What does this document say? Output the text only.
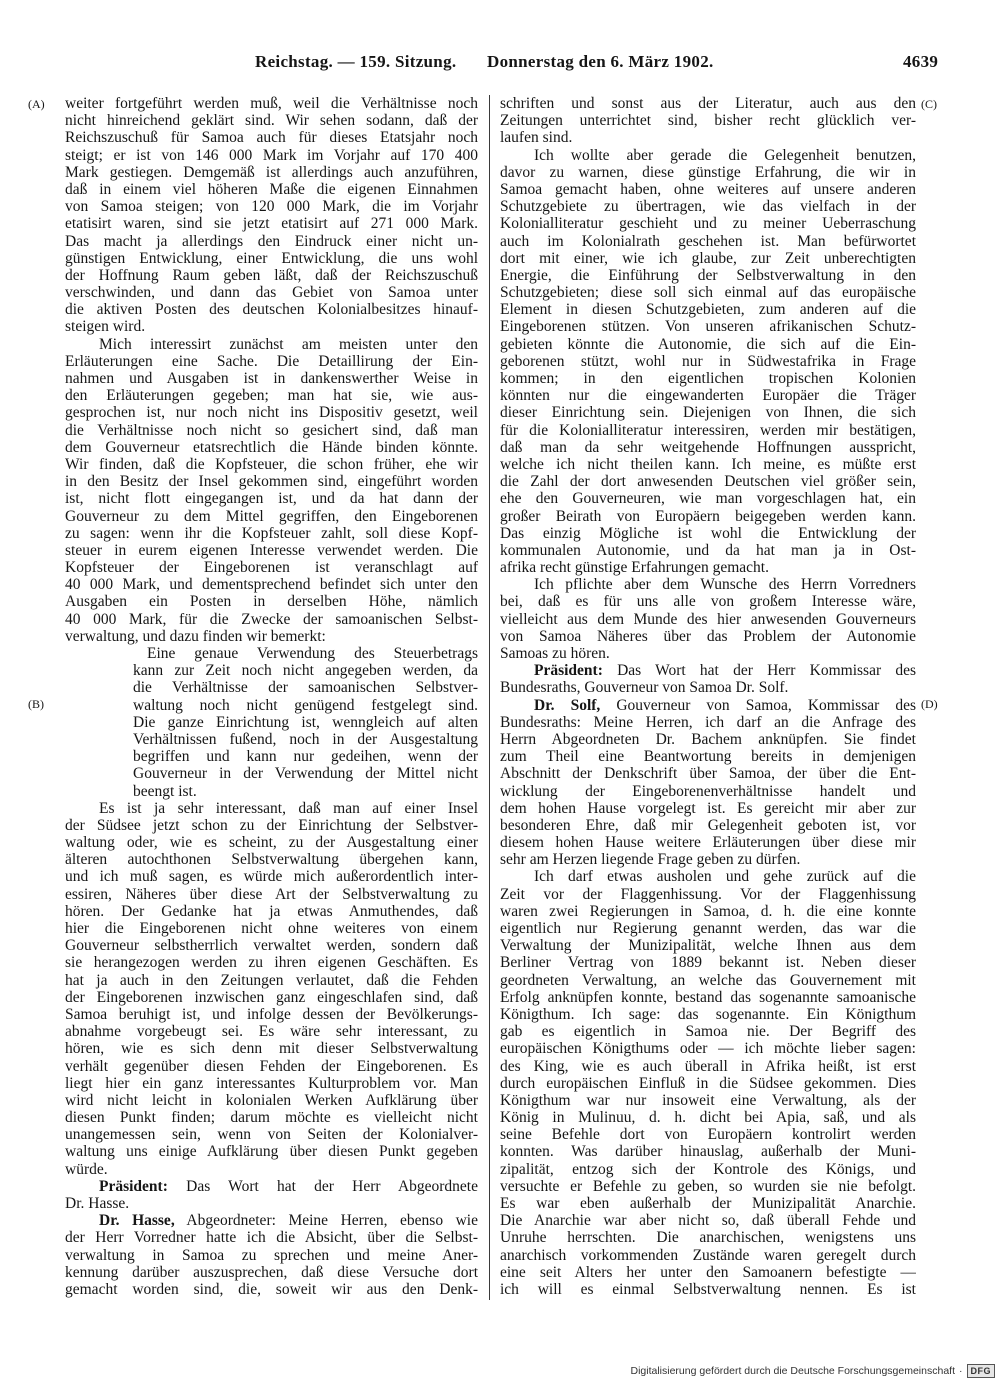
Reichstag. — 159. Sitzung. Donnerstag den 6. März 1902.	4639
(A)
(B)
(C)
(D)
weiter fortgeführt werden muß, weil die Verhältnisse noch
nicht hinreichend geklärt sind. Wir sehen sodann, daß der
Reichszuschuß für Samoa auch für dieses Etatsjahr noch
steigt; er ist von 146 000 Mark im Vorjahr auf 170 400
Mark gestiegen. Demgemäß ist allerdings auch anzuführen,
daß in einem viel höheren Maße die eigenen Einnahmen
von Samoa steigen; von 120 000 Mark, die im Vorjahr
etatisirt waren, sind sie jetzt etatisirt auf 271 000 Mark.
Das macht ja allerdings den Eindruck einer nicht un-
günstigen Entwicklung, einer Entwicklung, die uns wohl
der Hoffnung Raum geben läßt, daß der Reichszuschuß
verschwinden, und dann das Gebiet von Samoa unter
die aktiven Posten des deutschen Kolonialbesitzes hinauf-
steigen wird.
Mich interessirt zunächst am meisten unter den
Erläuterungen eine Sache. Die Detaillirung der Ein-
nahmen und Ausgaben ist in dankenswerther Weise in
den Erläuterungen gegeben; man hat sie, wie aus-
gesprochen ist, nur noch nicht ins Dispositiv gesetzt, weil
die Verhältnisse noch nicht so gesichert sind, daß man
dem Gouverneur etatsrechtlich die Hände binden könnte.
Wir finden, daß die Kopfsteuer, die schon früher, ehe wir
in den Besitz der Insel gekommen sind, eingeführt worden
ist, nicht flott eingegangen ist, und da hat dann der
Gouverneur zu dem Mittel gegriffen, den Eingeborenen
zu sagen: wenn ihr die Kopfsteuer zahlt, soll diese Kopf-
steuer in eurem eigenen Interesse verwendet werden. Die
Kopfsteuer der Eingeborenen ist veranschlagt auf
40 000 Mark, und dementsprechend befindet sich unter den
Ausgaben ein Posten in derselben Höhe, nämlich
40 000 Mark, für die Zwecke der samoanischen Selbst-
verwaltung, und dazu finden wir bemerkt:
Eine genaue Verwendung des Steuerbetrags
kann zur Zeit noch nicht angegeben werden, da
die Verhältnisse der samoanischen Selbstver-
waltung noch nicht genügend festgelegt sind.
Die ganze Einrichtung ist, wenngleich auf alten
Verhältnissen fußend, noch in der Ausgestaltung
begriffen und kann nur gedeihen, wenn der
Gouverneur in der Verwendung der Mittel nicht
beengt ist.
Es ist ja sehr interessant, daß man auf einer Insel
der Südsee jetzt schon zu der Einrichtung der Selbstver-
waltung oder, wie es scheint, zu der Ausgestaltung einer
älteren autochthonen Selbstverwaltung übergehen kann,
und ich muß sagen, es würde mich außerordentlich inter-
essiren, Näheres über diese Art der Selbstverwaltung zu
hören. Der Gedanke hat ja etwas Anmuthendes, daß
hier die Eingeborenen nicht ohne weiteres von einem
Gouverneur selbstherrlich verwaltet werden, sondern daß
sie herangezogen werden zu ihren eigenen Geschäften. Es
hat ja auch in den Zeitungen verlautet, daß die Fehden
der Eingeborenen inzwischen ganz eingeschlafen sind, daß
Samoa beruhigt ist, und infolge dessen der Bevölkerungs-
abnahme vorgebeugt sei. Es wäre sehr interessant, zu
hören, wie es sich denn mit dieser Selbstverwaltung
verhält gegenüber diesen Fehden der Eingeborenen. Es
liegt hier ein ganz interessantes Kulturproblem vor. Man
wird nicht leicht in kolonialen Werken Aufklärung über
diesen Punkt finden; darum möchte es vielleicht nicht
unangemessen sein, wenn von Seiten der Kolonialver-
waltung uns einige Aufklärung über diesen Punkt gegeben
würde.
Präsident: Das Wort hat der Herr Abgeordnete
Dr. Hasse.
Dr. Hasse, Abgeordneter: Meine Herren, ebenso wie
der Herr Vorredner hatte ich die Absicht, über die Selbst-
verwaltung in Samoa zu sprechen und meine Aner-
kennung darüber auszusprechen, daß diese Versuche dort
gemacht worden sind, die, soweit wir aus den Denk-
schriften und sonst aus der Literatur, auch aus den
Zeitungen unterrichtet sind, bisher recht glücklich ver-
laufen sind.
Ich wollte aber gerade die Gelegenheit benutzen,
davor zu warnen, diese günstige Erfahrung, die wir in
Samoa gemacht haben, ohne weiteres auf unsere anderen
Schutzgebiete zu übertragen, wie das vielfach in der
Kolonialliteratur geschieht und zu meiner Ueberraschung
auch im Kolonialrath geschehen ist. Man befürwortet
dort mit einer, wie ich glaube, zur Zeit unberechtigten
Energie, die Einführung der Selbstverwaltung in den
Schutzgebieten; diese soll sich einmal auf das europäische
Element in diesen Schutzgebieten, zum anderen auf die
Eingeborenen stützen. Von unseren afrikanischen Schutz-
gebieten könnte die Autonomie, die sich auf die Ein-
geborenen stützt, wohl nur in Südwestafrika in Frage
kommen; in den eigentlichen tropischen Kolonien
könnten nur die eingewanderten Europäer die Träger
dieser Einrichtung sein. Diejenigen von Ihnen, die sich
für die Kolonialliteratur interessiren, werden mir bestätigen,
daß man da sehr weitgehende Hoffnungen ausspricht,
welche ich nicht theilen kann. Ich meine, es müßte erst
die Zahl der dort anwesenden Deutschen viel größer sein,
ehe den Gouverneuren, wie man vorgeschlagen hat, ein
großer Beirath von Europäern beigegeben werden kann.
Das einzig Mögliche ist wohl die Entwicklung der
kommunalen Autonomie, und da hat man ja in Ost-
afrika recht günstige Erfahrungen gemacht.
Ich pflichte aber dem Wunsche des Herrn Vorredners
bei, daß es für uns alle von großem Interesse wäre,
vielleicht aus dem Munde des hier anwesenden Gouverneurs
von Samoa Näheres über das Problem der Autonomie
Samoas zu hören.
Präsident: Das Wort hat der Herr Kommissar des
Bundesraths, Gouverneur von Samoa Dr. Solf.
Dr. Solf, Gouverneur von Samoa, Kommissar des
Bundesraths: Meine Herren, ich darf an die Anfrage des
Herrn Abgeordneten Dr. Bachem anknüpfen. Sie findet
zum Theil eine Beantwortung bereits in demjenigen
Abschnitt der Denkschrift über Samoa, der über die Ent-
wicklung der Eingeborenenverhältnisse handelt und
dem hohen Hause vorgelegt ist. Es gereicht mir aber zur
besonderen Ehre, daß mir Gelegenheit geboten ist, vor
diesem hohen Hause weitere Erläuterungen über diese mir
sehr am Herzen liegende Frage geben zu dürfen.
Ich darf etwas ausholen und gehe zurück auf die
Zeit vor der Flaggenhissung. Vor der Flaggenhissung
waren zwei Regierungen in Samoa, d. h. die eine konnte
eigentlich nur Regierung genannt werden, das war die
Verwaltung der Munizipalität, welche Ihnen aus dem
Berliner Vertrag von 1889 bekannt ist. Neben dieser
geordneten Verwaltung, an welche das Gouvernement mit
Erfolg anknüpfen konnte, bestand das sogenannte samoanische
Königthum. Ich sage: das sogenannte. Ein Königthum
gab es eigentlich in Samoa nie. Der Begriff des
europäischen Königthums oder — ich möchte lieber sagen:
des King, wie es auch überall in Afrika heißt, ist erst
durch europäischen Einfluß in die Südsee gekommen. Dies
Königthum war nur insoweit eine Verwaltung, als der
König in Mulinuu, d. h. dicht bei Apia, saß, und als
seine Befehle dort von Europäern kontrolirt werden
konnten. Was darüber hinauslag, außerhalb der Muni-
zipalität, entzog sich der Kontrole des Königs, und
versuchte er Befehle zu geben, so wurden sie nie befolgt.
Es war eben außerhalb der Munizipalität Anarchie.
Die Anarchie war aber nicht so, daß überall Fehde und
Unruhe herrschten. Die anarchischen, wenigstens uns
anarchisch vorkommenden Zustände waren geregelt durch
eine seit Alters her unter den Samoanern befestigte —
ich will es einmal Selbstverwaltung nennen. Es ist
Digitalisierung gefördert durch die Deutsche Forschungsgemeinschaft · DFG
